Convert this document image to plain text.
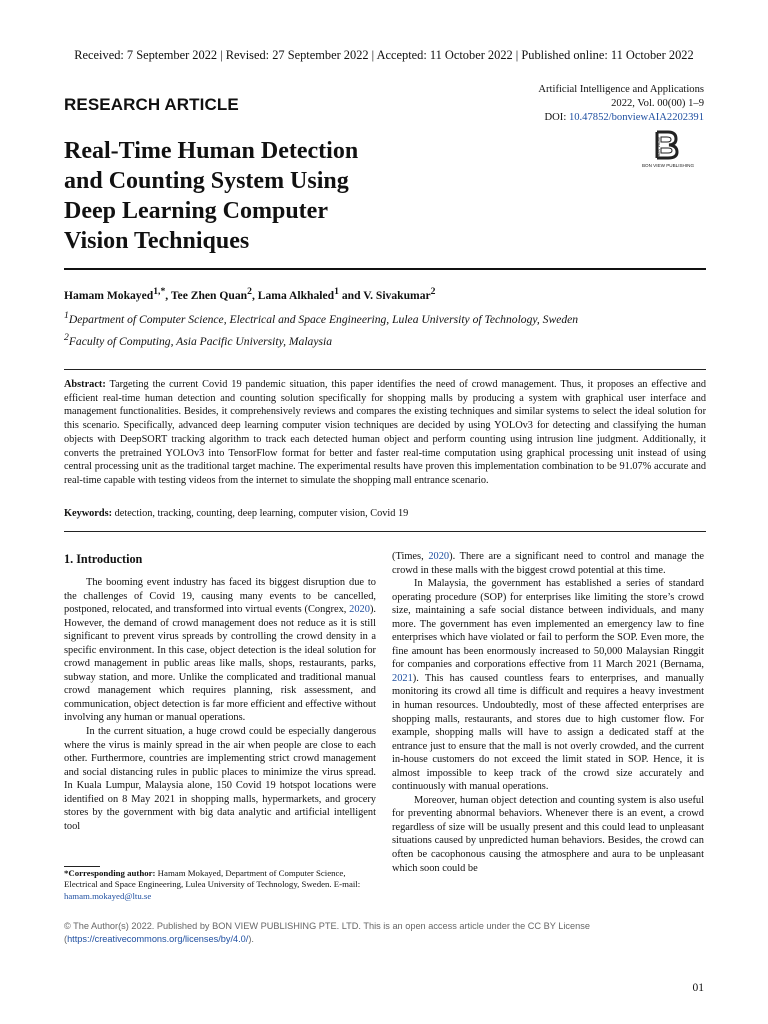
Received: 7 September 2022 | Revised: 27 September 2022 | Accepted: 11 October 2022 | Published online: 11 October 2022
RESEARCH ARTICLE
Artificial Intelligence and Applications
2022, Vol. 00(00) 1–9
DOI: 10.47852/bonviewAIA2202391
BON VIEW
BON VIEW PUBLISHING
Real-Time Human Detection
and Counting System Using
Deep Learning Computer
Vision Techniques
Hamam Mokayed$^{1,*}$, Tee Zhen Quan$^2$, Lama Alkhaled$^1$ and V. Sivakumar$^2$
$^1$Department of Computer Science, Electrical and Space Engineering, Lulea University of Technology, Sweden
$^2$Faculty of Computing, Asia Pacific University, Malaysia
Abstract: Targeting the current Covid 19 pandemic situation, this paper identifies the need of crowd management. Thus, it proposes an effective and efficient real-time human detection and counting solution specifically for shopping malls by producing a system with graphical user interface and management functionalities. Besides, it comprehensively reviews and compares the existing techniques and similar systems to select the ideal solution for this scenario. Specifically, advanced deep learning computer vision techniques are decided by using YOLOv3 for detecting and classifying the human objects with DeepSORT tracking algorithm to track each detected human object and perform counting using intrusion line judgment. Additionally, it converts the pretrained YOLOv3 into TensorFlow format for better and faster real-time computation using graphical processing unit instead of using central processing unit as the traditional target machine. The experimental results have proven this implementation combination to be 91.07% accurate and real-time capable with testing videos from the internet to simulate the shopping mall entrance scenario.
Keywords: detection, tracking, counting, deep learning, computer vision, Covid 19
1. Introduction

The booming event industry has faced its biggest disruption due to the challenges of Covid 19, causing many events to be cancelled, postponed, relocated, and transformed into virtual events (Congrex, 2020). However, the demand of crowd management does not reduce as it is still significant to prevent virus spreads by controlling the crowd density in a specific environment. In this case, object detection is the ideal solution for crowd management in public areas like malls, shops, restaurants, parks, subway station, and more. Unlike the complicated and traditional manual crowd management which requires planning, risk assessment, and communication, object detection is far more efficient and effective without involving any human or manual operations.

In the current situation, a huge crowd could be especially dangerous where the virus is mainly spread in the air when people are close to each other. Furthermore, countries are implementing strict crowd management and social distancing rules in public places to minimize the virus spread. In Kuala Lumpur, Malaysia alone, 150 Covid 19 hotspot locations were identified on 8 May 2021 in shopping malls, hypermarkets, and grocery stores by the government with big data analytic and artificial intelligent tool

(Times, 2020). There are a significant need to control and manage the crowd in these malls with the biggest crowd potential at this time.

In Malaysia, the government has established a series of standard operating procedure (SOP) for enterprises like limiting the store’s crowd size, maintaining a safe social distance between individuals, and many more. The government has even implemented an emergency law to fine enterprises which have violated or fail to perform the SOP. Even more, the fine amount has been enormously increased to 50,000 Malaysian Ringgit for companies and corporations effective from 11 March 2021 (Bernama, 2021). This has caused countless fears to enterprises, and manually monitoring its crowd all time is difficult and requires a heavy investment in human resources. Undoubtedly, most of these affected enterprises are shopping malls, restaurants, and stores due to high customer flow. For example, shopping malls will have to assign a dedicated staff at the entrance just to ensure that the mall is not overly crowded, and the current in-house customers do not exceed the limit stated in SOP. Hence, it is almost impossible to keep track of the crowd size accurately and continuously with manual operations.

Moreover, human object detection and counting system is also useful for preventing abnormal behaviors. Whenever there is an event, a crowd regardless of size will be usually present and this could lead to unpleasant situations caused by unpredicted human behaviors. Besides, the crowd can often be cacophonous causing the atmosphere and aura to be unpleasant which soon could be

*Corresponding author: Hamam Mokayed, Department of Computer Science, Electrical and Space Engineering, Lulea University of Technology, Sweden. E-mail: hamam.mokayed@ltu.se
© The Author(s) 2022. Published by BON VIEW PUBLISHING PTE. LTD. This is an open access article under the CC BY License (https://creativecommons.org/licenses/by/4.0/).
01
